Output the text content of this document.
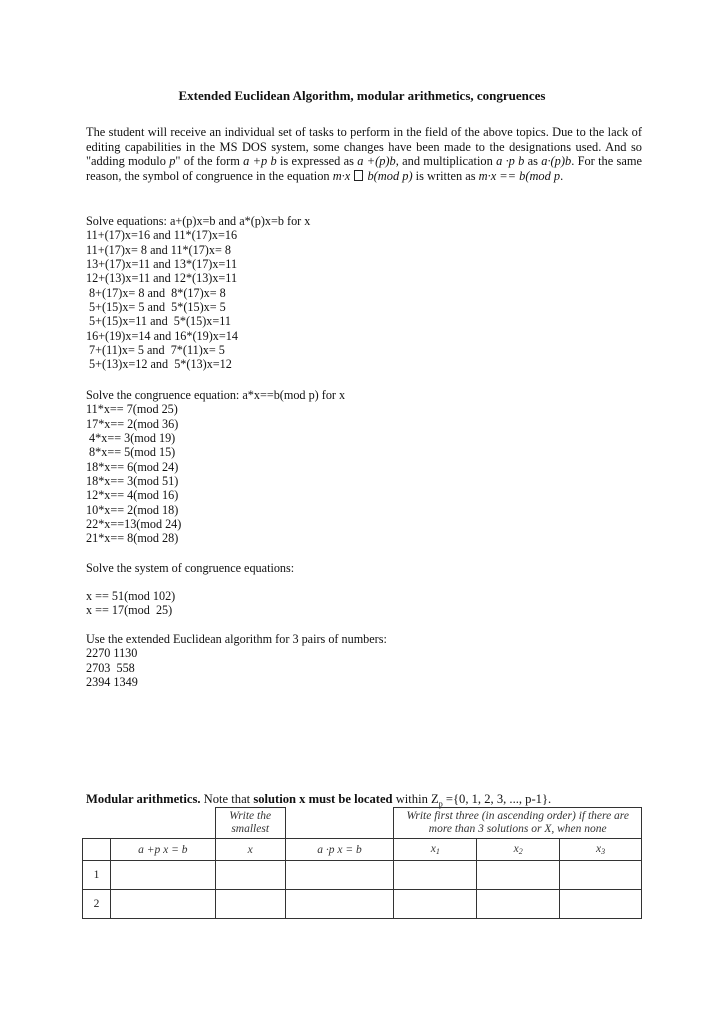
Extended Euclidean Algorithm, modular arithmetics, congruences
The student will receive an individual set of tasks to perform in the field of the above topics. Due to the lack of editing capabilities in the MS DOS system, some changes have been made to the designations used. And so "adding modulo p" of the form a +p b is expressed as a +(p)b, and multiplication a ·p b as a·(p)b. For the same reason, the symbol of congruence in the equation m·x b(mod p) is written as m·x == b(mod p.
Solve equations: a+(p)x=b and a*(p)x=b for x
11+(17)x=16 and 11*(17)x=16
11+(17)x= 8 and 11*(17)x= 8
13+(17)x=11 and 13*(17)x=11
12+(13)x=11 and 12*(13)x=11
8+(17)x= 8 and  8*(17)x= 8
5+(15)x= 5 and  5*(15)x= 5
5+(15)x=11 and  5*(15)x=11
16+(19)x=14 and 16*(19)x=14
7+(11)x= 5 and  7*(11)x= 5
5+(13)x=12 and  5*(13)x=12
Solve the congruence equation: a*x==b(mod p) for x
11*x== 7(mod 25)
17*x== 2(mod 36)
4*x== 3(mod 19)
8*x== 5(mod 15)
18*x== 6(mod 24)
18*x== 3(mod 51)
12*x== 4(mod 16)
10*x== 2(mod 18)
22*x==13(mod 24)
21*x== 8(mod 28)
Solve the system of congruence equations:
x == 51(mod 102)
x == 17(mod  25)
Use the extended Euclidean algorithm for 3 pairs of numbers:
2270 1130
2703  558
2394 1349
Modular arithmetics. Note that solution x must be located within $Z_p =\{0$, 1, 2, 3, ..., p-1}.
		Write the smallest		Write first three (in ascending order) if there are more than 3 solutions or X, when none		
	a +p x = b	x	a ·p x = b	$x_1$	$x_2$	$x_3$
1						
2						
